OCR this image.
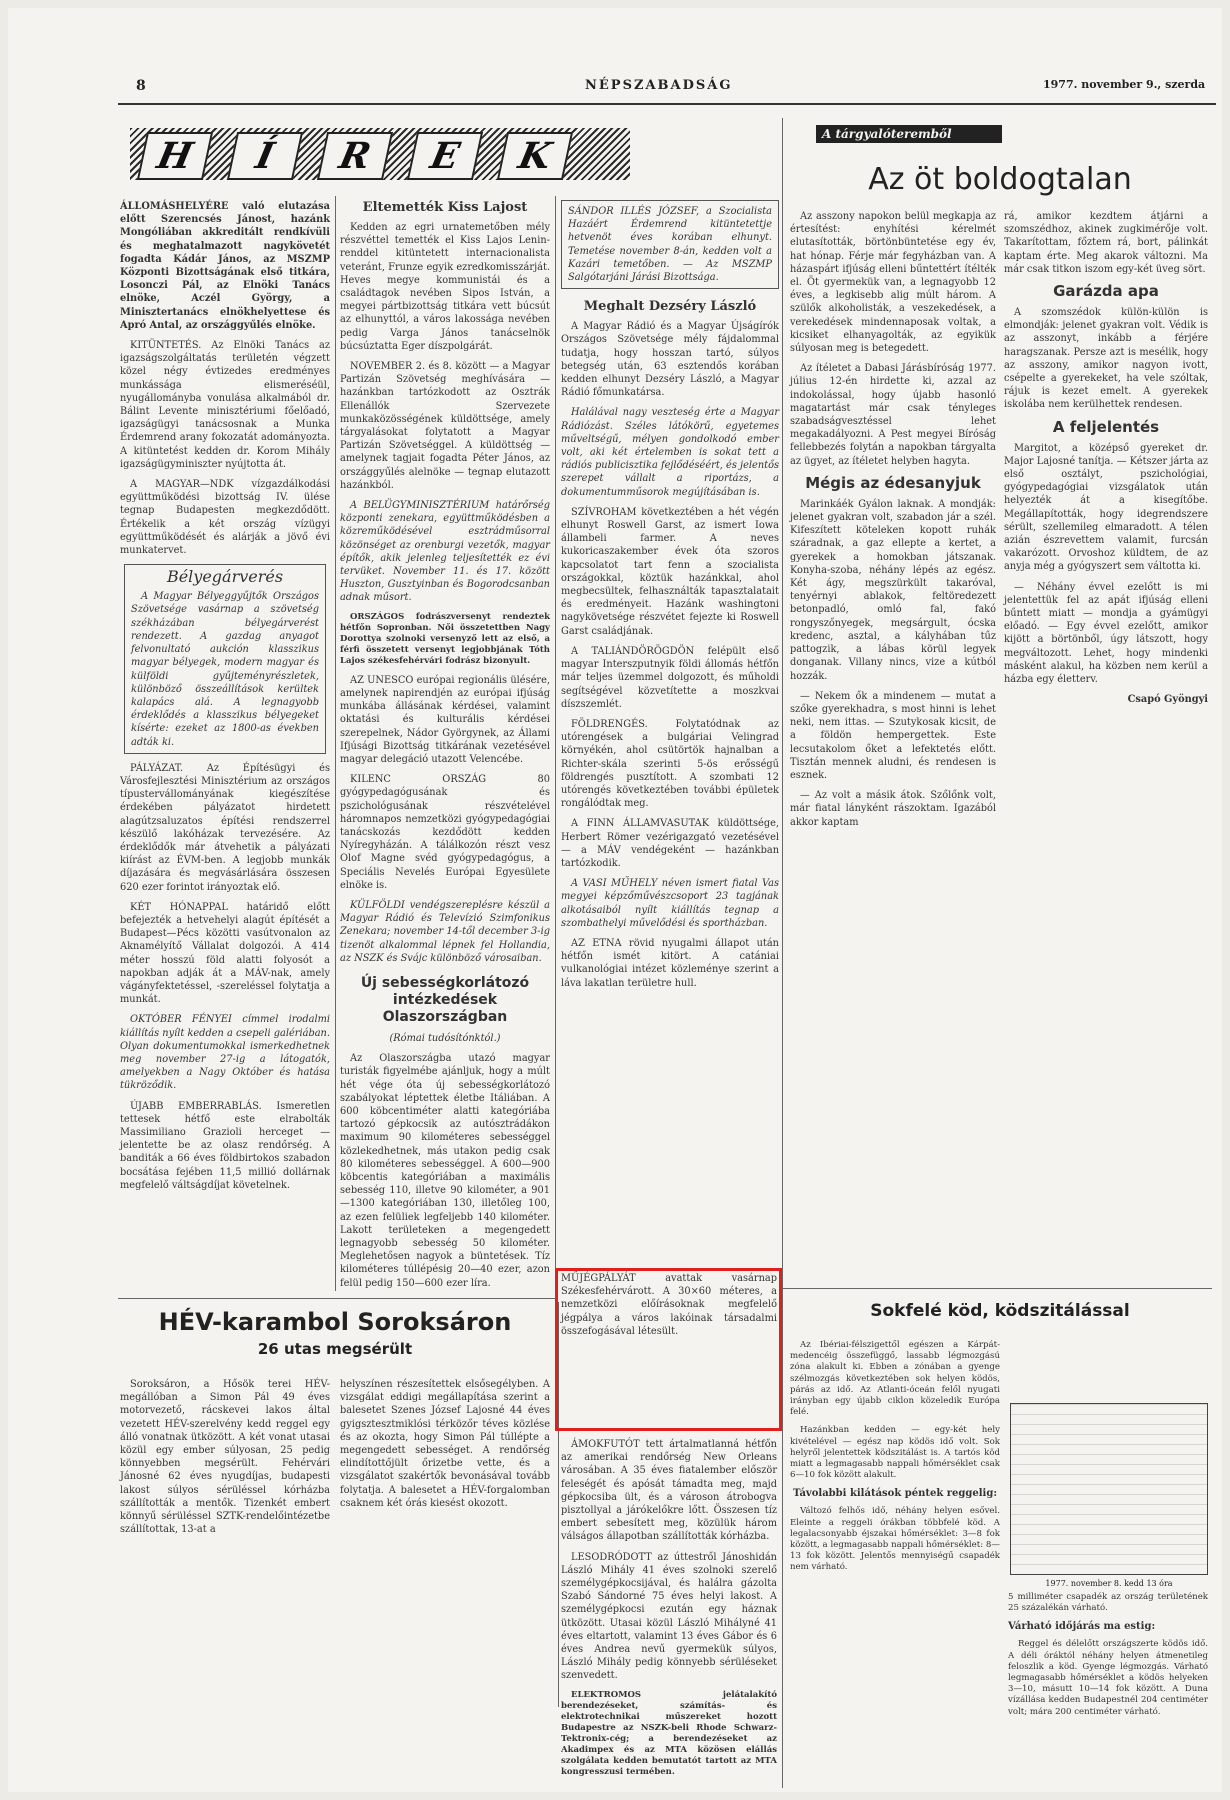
8	NÉPSZABADSÁG	1977. november 9., szerda
H Í R E K

ÁLLOMÁSHELYÉRE való elutazása előtt Szerencsés Jánost, hazánk Mongóliában akkreditált rendkívüli és meghatalmazott nagykövetét fogadta Kádár János, az MSZMP Központi Bizottságának első titkára, Losonczi Pál, az Elnöki Tanács elnöke, Aczél György, a Minisztertanács elnökhelyettese és Apró Antal, az országgyűlés elnöke.

KITÜNTETÉS. Az Elnöki Tanács az igazságszolgáltatás területén végzett közel négy évtizedes eredményes munkássága elismeréséül, nyugállományba vonulása alkalmából dr. Bálint Levente minisztériumi főelőadó, igazságügyi tanácsosnak a Munka Érdemrend arany fokozatát adományozta. A kitüntetést kedden dr. Korom Mihály igazságügyminiszter nyújtotta át.

A MAGYAR—NDK vízgazdálkodási együttműködési bizottság IV. ülése tegnap Budapesten megkezdődött. Értékelik a két ország vízügyi együttműködését és alárják a jövő évi munkatervet.

Bélyegárverés

A Magyar Bélyeggyűjtők Országos Szövetsége vasárnap a szövetség székházában bélyegárverést rendezett. A gazdag anyagot felvonultató aukción klasszikus magyar bélyegek, modern magyar és külföldi gyűjteményrészletek, különböző összeállítások kerültek kalapács alá. A legnagyobb érdeklődés a klasszikus bélyegeket kísérte: ezeket az 1800-as években adták ki.

PÁLYÁZAT. Az Építésügyi és Városfejlesztési Minisztérium az országos típustervállományának kiegészítése érdekében pályázatot hirdetett alagútzsaluzatos építési rendszerrel készülő lakóházak tervezésére. Az érdeklődők már átvehetik a pályázati kiírást az ÉVM-ben. A legjobb munkák díjazására és megvásárlására összesen 620 ezer forintot irányoztak elő.

KÉT HÓNAPPAL határidő előtt befejezték a hetvehelyi alagút építését a Budapest—Pécs közötti vasútvonalon az Aknamélyítő Vállalat dolgozói. A 414 méter hosszú föld alatti folyosót a napokban adják át a MÁV-nak, amely vágányfektetéssel, -szereléssel folytatja a munkát.

OKTÓBER FÉNYEI címmel irodalmi kiállítás nyílt kedden a csepeli galériában. Olyan dokumentumokkal ismerkedhetnek meg november 27-ig a látogatók, amelyekben a Nagy Október és hatása tükröződik.

ÚJABB EMBERRABLÁS. Ismeretlen tettesek hétfő este elrabolták Massimiliano Grazioli herceget — jelentette be az olasz rendőrség. A banditák a 66 éves földbirtokos szabadon bocsátása fejében 11,5 millió dollárnak megfelelő váltságdíjat követelnek.

Eltemették Kiss Lajost

Kedden az egri urnatemetőben mély részvéttel temették el Kiss Lajos Lenin-renddel kitüntetett internacionalista veteránt, Frunze egyik ezredkomisszárját. Heves megye kommunistái és a családtagok nevében Sipos István, a megyei pártbizottság titkára vett búcsút az elhunyttól, a város lakossága nevében pedig Varga János tanácselnök búcsúztatta Eger díszpolgárát.

NOVEMBER 2. és 8. között — a Magyar Partizán Szövetség meghívására — hazánkban tartózkodott az Osztrák Ellenállók Szervezete munkaközösségének küldöttsége, amely tárgyalásokat folytatott a Magyar Partizán Szövetséggel. A küldöttség — amelynek tagjait fogadta Péter János, az országgyűlés alelnöke — tegnap elutazott hazánkból.

A BELÜGYMINISZTÉRIUM határőrség központi zenekara, együttműködésben a közreműködésével esztrádműsorral közönséget az orenburgi vezetők, magyar építők, akik jelenleg teljesítették ez évi tervüket. November 11. és 17. között Huszton, Gusztyinban és Bogorodcsanban adnak műsort.

ORSZÁGOS fodrászversenyt rendeztek hétfőn Sopronban. Női összetettben Nagy Dorottya szolnoki versenyző lett az első, a férfi összetett versenyt legjobbjának Tóth Lajos székesfehérvári fodrász bizonyult.

AZ UNESCO európai regionális ülésére, amelynek napirendjén az európai ifjúság munkába állásának kérdései, valamint oktatási és kulturális kérdései szerepelnek, Nádor Györgynek, az Állami Ifjúsági Bizottság titkárának vezetésével magyar delegáció utazott Velencébe.

KILENC ORSZÁG 80 gyógypedagógusának és pszichológusának részvételével háromnapos nemzetközi gyógypedagógiai tanácskozás kezdődött kedden Nyíregyházán. A tálálkozón részt vesz Olof Magne svéd gyógypedagógus, a Speciális Nevelés Európai Egyesülete elnöke is.

KÜLFÖLDI vendégszereplésre készül a Magyar Rádió és Televízió Szimfonikus Zenekara; november 14-től december 3-ig tizenöt alkalommal lépnek fel Hollandia, az NSZK és Svájc különböző városaiban.

Új sebességkorlátozó intézkedések Olaszországban

(Római tudósítónktól.)

Az Olaszországba utazó magyar turisták figyelmébe ajánljuk, hogy a múlt hét vége óta új sebességkorlátozó szabályokat léptettek életbe Itáliában. A 600 köbcentiméter alatti kategóriába tartozó gépkocsik az autósztrádákon maximum 90 kilométeres sebességgel közlekedhetnek, más utakon pedig csak 80 kilométeres sebességgel. A 600—900 köbcentis kategóriában a maximális sebesség 110, illetve 90 kilométer, a 901—1300 kategóriában 130, illetőleg 100, az ezen felüliek legfeljebb 140 kilométer. Lakott területeken a megengedett legnagyobb sebesség 50 kilométer. Meglehetősen nagyok a büntetések. Tíz kilométeres túllépésig 20—40 ezer, azon felül pedig 150—600 ezer líra.

SÁNDOR ILLÉS JÓZSEF, a Szocialista Hazáért Érdemrend kitüntetettje hetvenöt éves korában elhunyt. Temetése november 8-án, kedden volt a Kazári temetőben. — Az MSZMP Salgótarjáni Járási Bizottsága.

Meghalt Dezséry László

A Magyar Rádió és a Magyar Újságírók Országos Szövetsége mély fájdalommal tudatja, hogy hosszan tartó, súlyos betegség után, 63 esztendős korában kedden elhunyt Dezséry László, a Magyar Rádió főmunkatársa.

Halálával nagy veszteség érte a Magyar Rádiózást. Széles látókörű, egyetemes műveltségű, mélyen gondolkodó ember volt, aki két értelemben is sokat tett a rádiós publicisztika fejlődéséért, és jelentős szerepet vállalt a riportázs, a dokumentumműsorok megújításában is.

SZÍVROHAM következtében a hét végén elhunyt Roswell Garst, az ismert Iowa állambeli farmer. A neves kukoricaszakember évek óta szoros kapcsolatot tart fenn a szocialista országokkal, köztük hazánkkal, ahol megbecsültek, felhasználták tapasztalatait és eredményeit. Hazánk washingtoni nagykövetsége részvétet fejezte ki Roswell Garst családjának.

A TALIÁNDÖRÖGDÖN felépült első magyar Interszputnyik földi állomás hétfőn már teljes üzemmel dolgozott, és műholdi segítségével közvetítette a moszkvai díszszemlét.

FÖLDRENGÉS. Folytatódnak az utórengések a bulgáriai Velingrad környékén, ahol csütörtök hajnalban a Richter-skála szerinti 5-ös erősségű földrengés pusztított. A szombati 12 utórengés következtében további épületek rongálódtak meg.

A FINN ÁLLAMVASUTAK küldöttsége, Herbert Römer vezérigazgató vezetésével — a MÁV vendégeként — hazánkban tartózkodik.

A VASI MŰHELY néven ismert fiatal Vas megyei képzőművészcsoport 23 tagjának alkotásaiból nyílt kiállítás tegnap a szombathelyi művelődési és sportházban.

AZ ETNA rövid nyugalmi állapot után hétfőn ismét kitört. A catániai vulkanológiai intézet közleménye szerint a láva lakatlan területre hull.

MŰJÉGPÁLYÁT avattak vasárnap Székesfehérvárott. A 30×60 méteres, a nemzetközi előírásoknak megfelelő jégpálya a város lakóinak társadalmi összefogásával létesült.

ÁMOKFUTÓT tett ártalmatlanná hétfőn az amerikai rendőrség New Orleans városában. A 35 éves fiatalember először feleségét és apósát támadta meg, majd gépkocsiba ült, és a városon átrobogva pisztollyal a járókelőkre lőtt. Összesen tíz embert sebesített meg, közülük három válságos állapotban szállították kórházba.

LESODRÓDOTT az úttestről Jánoshidán László Mihály 41 éves szolnoki szerelő személygépkocsijával, és halálra gázolta Szabó Sándorné 75 éves helyi lakost. A személygépkocsi ezután egy háznak ütközött. Utasai közül László Mihályné 41 éves eltartott, valamint 13 éves Gábor és 6 éves Andrea nevű gyermekük súlyos, László Mihály pedig könnyebb sérüléseket szenvedett.

ELEKTROMOS jelátalakító berendezéseket, számítás- és elektrotechnikai műszereket hozott Budapestre az NSZK-beli Rhode Schwarz-Tektronix-cég; a berendezéseket az Akadimpex és az MTA közösen elállás szolgálata kedden bemutatót tartott az MTA kongresszusi termében.

HÉV-karambol Soroksáron
26 utas megsérült

Soroksáron, a Hősök terei HÉV-megállóban a Simon Pál 49 éves motorvezető, rácskevei lakos által vezetett HÉV-szerelvény kedd reggel egy álló vonatnak ütközött. A két vonat utasai közül egy ember súlyosan, 25 pedig könnyebben megsérült. Fehérvári Jánosné 62 éves nyugdíjas, budapesti lakost súlyos sérüléssel kórházba szállították a mentők. Tizenkét embert könnyű sérüléssel SZTK-rendelőintézetbe szállítottak, 13-at a

helyszínen részesítettek elsősegélyben. A vizsgálat eddigi megállapítása szerint a balesetet Szenes József Lajosné 44 éves gyigsztesztmiklósi térközőr téves közlése és az okozta, hogy Simon Pál túllépte a megengedett sebességet. A rendőrség elindítottőjült őrizetbe vette, és a vizsgálatot szakértők bevonásával tovább folytatja. A balesetet a HÉV-forgalomban csaknem két órás kiesést okozott.

A tárgyalóteremből
Az öt boldogtalan

Az asszony napokon belül megkapja az értesítést: enyhítési kérelmét elutasították, börtönbüntetése egy év, hat hónap. Férje már fegyházban van. A házaspárt ifjúság elleni bűntettért ítélték el. Öt gyermekük van, a legnagyobb 12 éves, a legkisebb alig múlt három. A szülők alkoholisták, a veszekedések, a verekedések mindennaposak voltak, a kicsiket elhanyagolták, az egyikük súlyosan meg is betegedett.

Az ítéletet a Dabasi Járásbíróság 1977. július 12-én hirdette ki, azzal az indokolással, hogy újabb hasonló magatartást már csak tényleges szabadságvesztéssel lehet megakadályozni. A Pest megyei Bíróság fellebbezés folytán a napokban tárgyalta az ügyet, az ítéletet helyben hagyta.

Mégis az édesanyjuk

Marinkáék Gyálon laknak. A mondják: jelenet gyakran volt, szabadon jár a szél. Kifeszített köteleken kopott ruhák száradnak, a gaz ellepte a kertet, a gyerekek a homokban játszanak. Konyha-szoba, néhány lépés az egész. Két ágy, megszürkült takaróval, tenyérnyi ablakok, feltöredezett betonpadló, omló fal, fakó rongyszőnyegek, megsárgult, ócska kredenc, asztal, a kályhában tűz pattogzik, a lábas körül legyek donganak. Villany nincs, vize a kútból hozzák.

— Nekem ők a mindenem — mutat a szőke gyerekhadra, s most hinni is lehet neki, nem ittas. — Szutykosak kicsit, de a földön hempergettek. Este lecsutakolom őket a lefektetés előtt. Tisztán mennek aludni, és rendesen is esznek.

— Az volt a másik átok. Szőlőnk volt, már fiatal lányként rászoktam. Igazából akkor kaptam

rá, amikor kezdtem átjárni a szomszédhoz, akinek zugkimérője volt. Takarítottam, főztem rá, bort, pálinkát kaptam érte. Meg akarok változni. Ma már csak titkon iszom egy-két üveg sört.

Garázda apa

A szomszédok külön-külön is elmondják: jelenet gyakran volt. Védik is az asszonyt, inkább a férjére haragszanak. Persze azt is mesélik, hogy az asszony, amikor nagyon ivott, csépelte a gyerekeket, ha vele szóltak, rájuk is kezet emelt. A gyerekek iskolába nem kerülhettek rendesen.

A feljelentés

Margitot, a középső gyereket dr. Major Lajosné tanítja. — Kétszer járta az első osztályt, pszichológiai, gyógypedagógiai vizsgálatok után helyezték át a kisegítőbe. Megállapították, hogy idegrendszere sérült, szellemileg elmaradott. A télen azián észrevettem valamit, furcsán vakarózott. Orvoshoz küldtem, de az anyja még a gyógyszert sem váltotta ki.

— Néhány évvel ezelőtt is mi jelentettük fel az apát ifjúság elleni bűntett miatt — mondja a gyámügyi előadó. — Egy évvel ezelőtt, amikor kijött a börtönből, úgy látszott, hogy megváltozott. Lehet, hogy mindenki másként alakul, ha közben nem kerül a házba egy életterv.

Csapó Gyöngyi
Sokfelé köd, ködszitálással

Az Ibériai-félszigettől egészen a Kárpát-medencéig összefüggő, lassabb légmozgású zóna alakult ki. Ebben a zónában a gyenge szélmozgás következtében sok helyen ködös, párás az idő. Az Atlanti-óceán felől nyugati irányban egy újabb ciklon közeledik Európa felé.

Hazánkban kedden — egy-két hely kivételével — egész nap ködös idő volt. Sok helyről jelentettek ködszitálást is. A tartós köd miatt a legmagasabb nappali hőmérséklet csak 6—10 fok között alakult.

Távolabbi kilátások péntek reggelig:

Változó felhős idő, néhány helyen esővel. Eleinte a reggeli órákban többfelé köd. A legalacsonyabb éjszakai hőmérséklet: 3—8 fok között, a legmagasabb nappali hőmérséklet: 8—13 fok között. Jelentős mennyiségű csapadék nem várható.

1977. november 8. kedd 13 óra

5 milliméter csapadék az ország területének 25 százalékán várható.

Várható időjárás ma estig:

Reggel és délelőtt országszerte ködös idő. A déli óráktól néhány helyen átmenetileg feloszlik a köd. Gyenge légmozgás. Várható legmagasabb hőmérséklet a ködös helyeken 3—10, másutt 10—14 fok között. A Duna vízállása kedden Budapestnél 204 centiméter volt; mára 200 centiméter várható.
